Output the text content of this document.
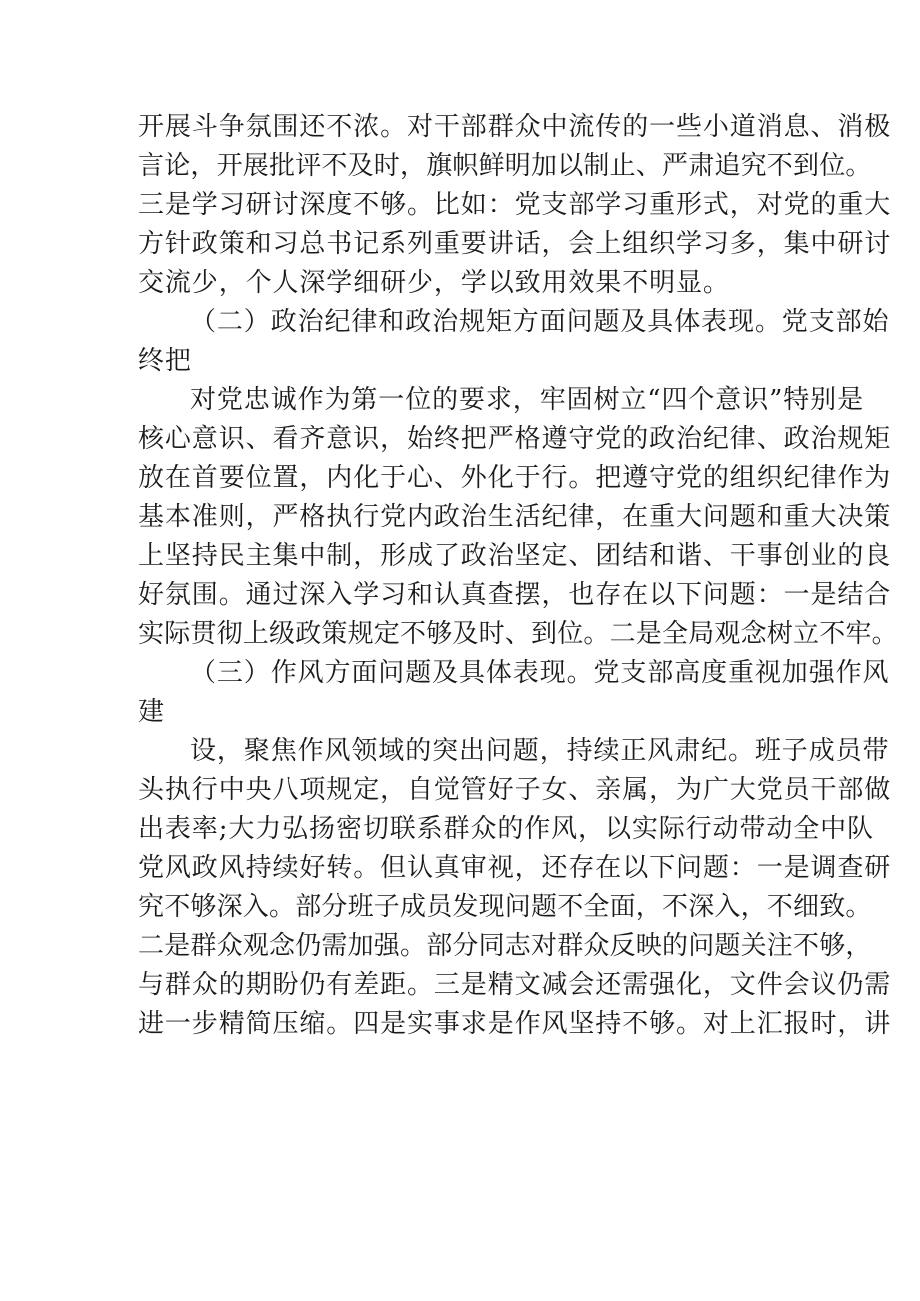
开展斗争氛围还不浓。对干部群众中流传的一些小道消息、消极
言论，开展批评不及时，旗帜鲜明加以制止、严肃追究不到位。
三是学习研讨深度不够。比如：党支部学习重形式，对党的重大
方针政策和习总书记系列重要讲话，会上组织学习多，集中研讨
交流少，个人深学细研少，学以致用效果不明显。
（二）政治纪律和政治规矩方面问题及具体表现。党支部始
终把
对党忠诚作为第一位的要求，牢固树立“四个意识”特别是
核心意识、看齐意识，始终把严格遵守党的政治纪律、政治规矩
放在首要位置，内化于心、外化于行。把遵守党的组织纪律作为
基本准则，严格执行党内政治生活纪律，在重大问题和重大决策
上坚持民主集中制，形成了政治坚定、团结和谐、干事创业的良
好氛围。通过深入学习和认真查摆，也存在以下问题：一是结合
实际贯彻上级政策规定不够及时、到位。二是全局观念树立不牢。
（三）作风方面问题及具体表现。党支部高度重视加强作风
建
设，聚焦作风领域的突出问题，持续正风肃纪。班子成员带
头执行中央八项规定，自觉管好子女、亲属，为广大党员干部做
出表率;大力弘扬密切联系群众的作风，以实际行动带动全中队
党风政风持续好转。但认真审视，还存在以下问题：一是调查研
究不够深入。部分班子成员发现问题不全面，不深入，不细致。
二是群众观念仍需加强。部分同志对群众反映的问题关注不够，
与群众的期盼仍有差距。三是精文减会还需强化，文件会议仍需
进一步精简压缩。四是实事求是作风坚持不够。对上汇报时，讲
